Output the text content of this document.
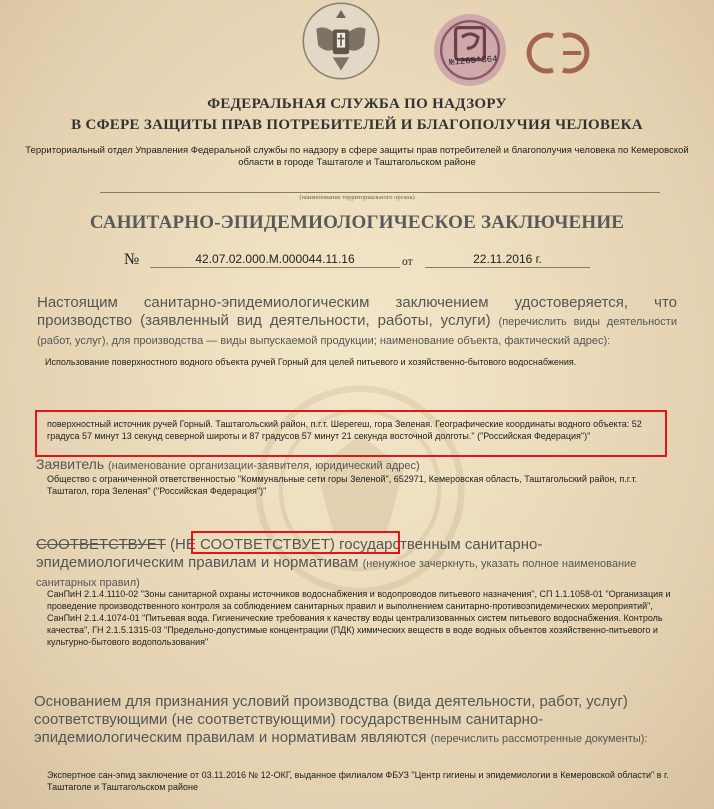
№1265*364
ФЕДЕРАЛЬНАЯ СЛУЖБА ПО НАДЗОРУ
В СФЕРЕ ЗАЩИТЫ ПРАВ ПОТРЕБИТЕЛЕЙ И БЛАГОПОЛУЧИЯ ЧЕЛОВЕКА
Территориальный отдел Управления Федеральной службы по надзору в сфере защиты прав потребителей и благополучия человека по Кемеровской области в городе Таштаголе и Таштагольском районе
(наименование территориального органа)
САНИТАРНО-ЭПИДЕМИОЛОГИЧЕСКОЕ ЗАКЛЮЧЕНИЕ
№	42.07.02.000.М.000044.11.16	от	22.11.2016 г.
Настоящим санитарно-эпидемиологическим заключением удостоверяется, что производство (заявленный вид деятельности, работы, услуги) (перечислить виды деятельности (работ, услуг), для производства — виды выпускаемой продукции; наименование объекта, фактический адрес):
Использование поверхностного водного объекта ручей Горный для целей питьевого и хозяйственно-бытового водоснабжения.
поверхностный источник ручей Горный. Таштагольский район, п.г.т. Шерегеш, гора Зеленая. Географические координаты водного объекта: 52 градуса 57 минут 13 секунд северной широты и 87 градусов 57 минут 21 секунда восточной долготы." ("Российская Федерация")"
Заявитель (наименование организации-заявителя, юридический адрес)
Общество с ограниченной ответственностью "Коммунальные сети горы Зеленой", 652971, Кемеровская область, Таштагольский район, п.г.т. Таштагол, гора Зеленая" ("Российская Федерация")"
СООТВЕТСТВУЕТ (НЕ СООТВЕТСТВУЕТ) государственным санитарно-эпидемиологическим правилам и нормативам (ненужное зачеркнуть, указать полное наименование санитарных правил)
СанПиН 2.1.4.1110-02 "Зоны санитарной охраны источников водоснабжения и водопроводов питьевого назначения", СП 1.1.1058-01 "Организация и проведение производственного контроля за соблюдением санитарных правил и выполнением санитарно-противоэпидемических мероприятий", СанПиН 2.1.4.1074-01 "Питьевая вода. Гигиенические требования к качеству воды централизованных систем питьевого водоснабжения. Контроль качества", ГН 2.1.5.1315-03 "Предельно-допустимые концентрации (ПДК) химических веществ в воде водных объектов хозяйственно-питьевого и культурно-бытового водопользования"
Основанием для признания условий производства (вида деятельности, работ, услуг) соответствующими (не соответствующими) государственным санитарно-эпидемиологическим правилам и нормативам являются (перечислить рассмотренные документы):
Экспертное сан-эпид заключение от 03.11.2016 № 12-ОКГ, выданное филиалом ФБУЗ "Центр гигиены и эпидемиологии в Кемеровской области" в г. Таштаголе и Таштагольском районе
